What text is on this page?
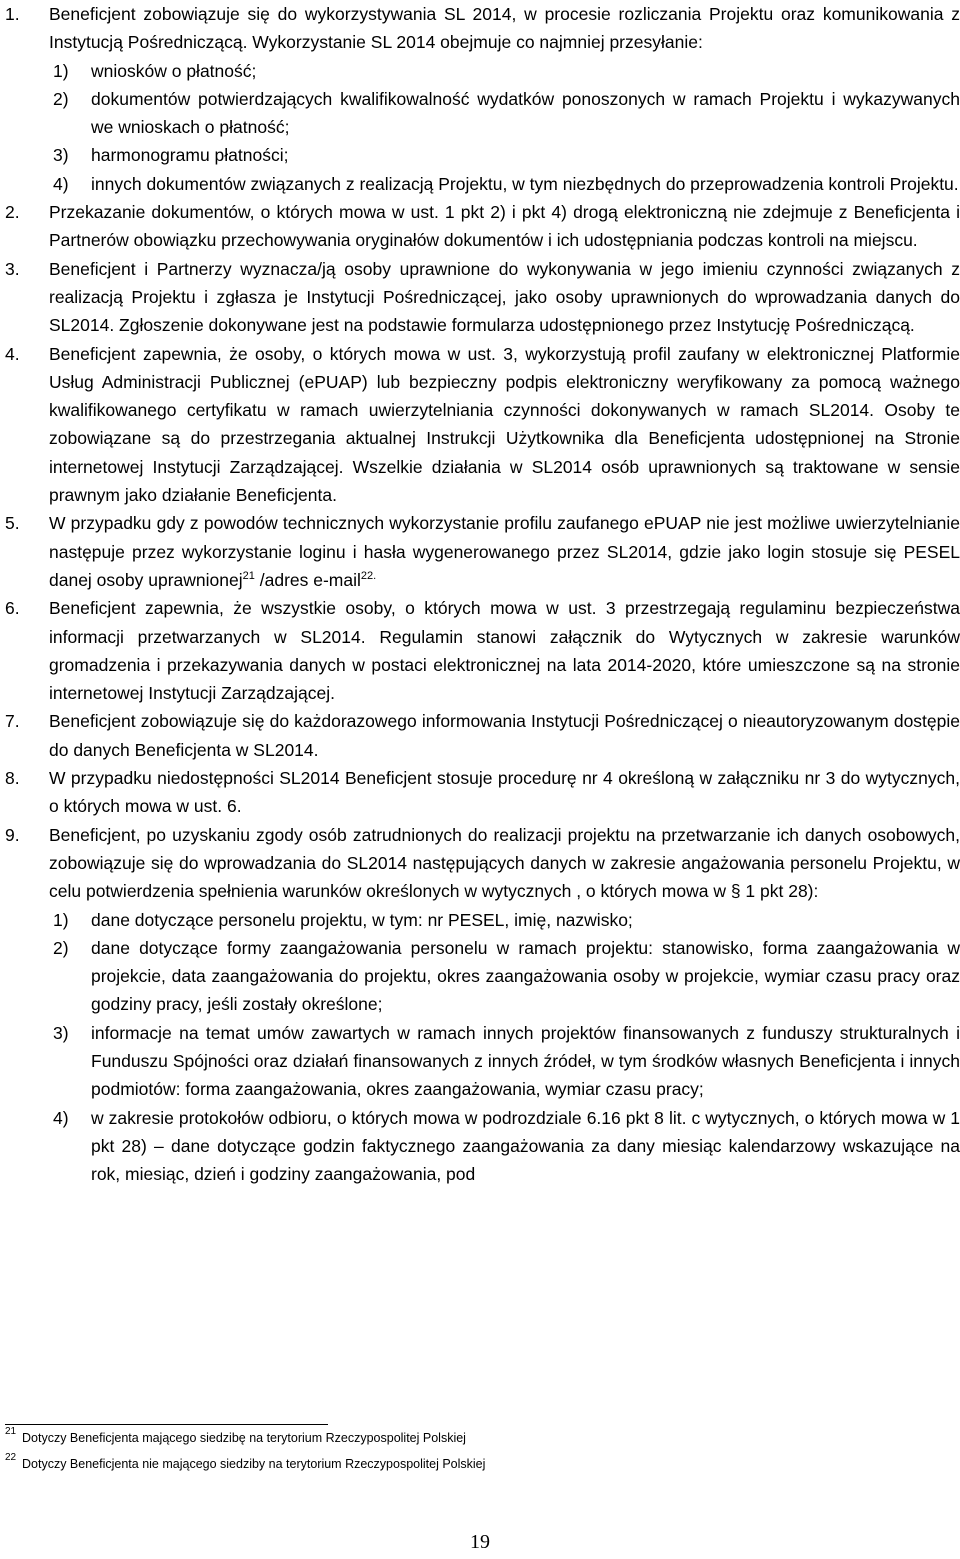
1. Beneficjent zobowiązuje się do wykorzystywania SL 2014, w procesie rozliczania Projektu oraz komunikowania z Instytucją Pośredniczącą. Wykorzystanie SL 2014 obejmuje co najmniej przesyłanie:
1) wniosków o płatność;
2) dokumentów potwierdzających kwalifikowalność wydatków ponoszonych w ramach Projektu i wykazywanych we wnioskach o płatność;
3) harmonogramu płatności;
4) innych dokumentów związanych z realizacją Projektu, w tym niezbędnych do przeprowadzenia kontroli Projektu.
2. Przekazanie dokumentów, o których mowa w ust. 1 pkt 2) i pkt 4) drogą elektroniczną nie zdejmuje z Beneficjenta i Partnerów obowiązku przechowywania oryginałów dokumentów i ich udostępniania podczas kontroli na miejscu.
3. Beneficjent i Partnerzy wyznacza/ją osoby uprawnione do wykonywania w jego imieniu czynności związanych z realizacją Projektu i zgłasza je Instytucji Pośredniczącej, jako osoby uprawnionych do wprowadzania danych do SL2014. Zgłoszenie dokonywane jest na podstawie formularza udostępnionego przez Instytucję Pośredniczącą.
4. Beneficjent zapewnia, że osoby, o których mowa w ust. 3, wykorzystują profil zaufany w elektronicznej Platformie Usług Administracji Publicznej (ePUAP) lub bezpieczny podpis elektroniczny weryfikowany za pomocą ważnego kwalifikowanego certyfikatu w ramach uwierzytelniania czynności dokonywanych w ramach SL2014. Osoby te zobowiązane są do przestrzegania aktualnej Instrukcji Użytkownika dla Beneficjenta udostępnionej na Stronie internetowej Instytucji Zarządzającej. Wszelkie działania w SL2014 osób uprawnionych są traktowane w sensie prawnym jako działanie Beneficjenta.
5. W przypadku gdy z powodów technicznych wykorzystanie profilu zaufanego ePUAP nie jest możliwe uwierzytelnianie następuje przez wykorzystanie loginu i hasła wygenerowanego przez SL2014, gdzie jako login stosuje się PESEL danej osoby uprawnionej$^{21}$ /adres e-mail$^{22.}$
6. Beneficjent zapewnia, że wszystkie osoby, o których mowa w ust. 3 przestrzegają regulaminu bezpieczeństwa informacji przetwarzanych w SL2014. Regulamin stanowi załącznik do Wytycznych w zakresie warunków gromadzenia i przekazywania danych w postaci elektronicznej na lata 2014-2020, które umieszczone są na stronie internetowej Instytucji Zarządzającej.
7. Beneficjent zobowiązuje się do każdorazowego informowania Instytucji Pośredniczącej o nieautoryzowanym dostępie do danych Beneficjenta w SL2014.
8. W przypadku niedostępności SL2014 Beneficjent stosuje procedurę nr 4 określoną w załączniku nr 3 do wytycznych, o których mowa w ust. 6.
9. Beneficjent, po uzyskaniu zgody osób zatrudnionych do realizacji projektu na przetwarzanie ich danych osobowych, zobowiązuje się do wprowadzania do SL2014 następujących danych w zakresie angażowania personelu Projektu, w celu potwierdzenia spełnienia warunków określonych w wytycznych , o których mowa w § 1 pkt 28):
1) dane dotyczące personelu projektu, w tym: nr PESEL, imię, nazwisko;
2) dane dotyczące formy zaangażowania personelu w ramach projektu: stanowisko, forma zaangażowania w projekcie, data zaangażowania do projektu, okres zaangażowania osoby w projekcie, wymiar czasu pracy oraz godziny pracy, jeśli zostały określone;
3) informacje na temat umów zawartych w ramach innych projektów finansowanych z funduszy strukturalnych i Funduszu Spójności oraz działań finansowanych z innych źródeł, w tym środków własnych Beneficjenta i innych podmiotów: forma zaangażowania, okres zaangażowania, wymiar czasu pracy;
4) w zakresie protokołów odbioru, o których mowa w podrozdziale 6.16 pkt 8 lit. c wytycznych, o których mowa w 1 pkt 28) – dane dotyczące godzin faktycznego zaangażowania za dany miesiąc kalendarzowy wskazujące na rok, miesiąc, dzień i godziny zaangażowania, pod
21 Dotyczy Beneficjenta mającego siedzibę na terytorium Rzeczypospolitej Polskiej
22 Dotyczy Beneficjenta nie mającego siedziby na terytorium Rzeczypospolitej Polskiej
19
